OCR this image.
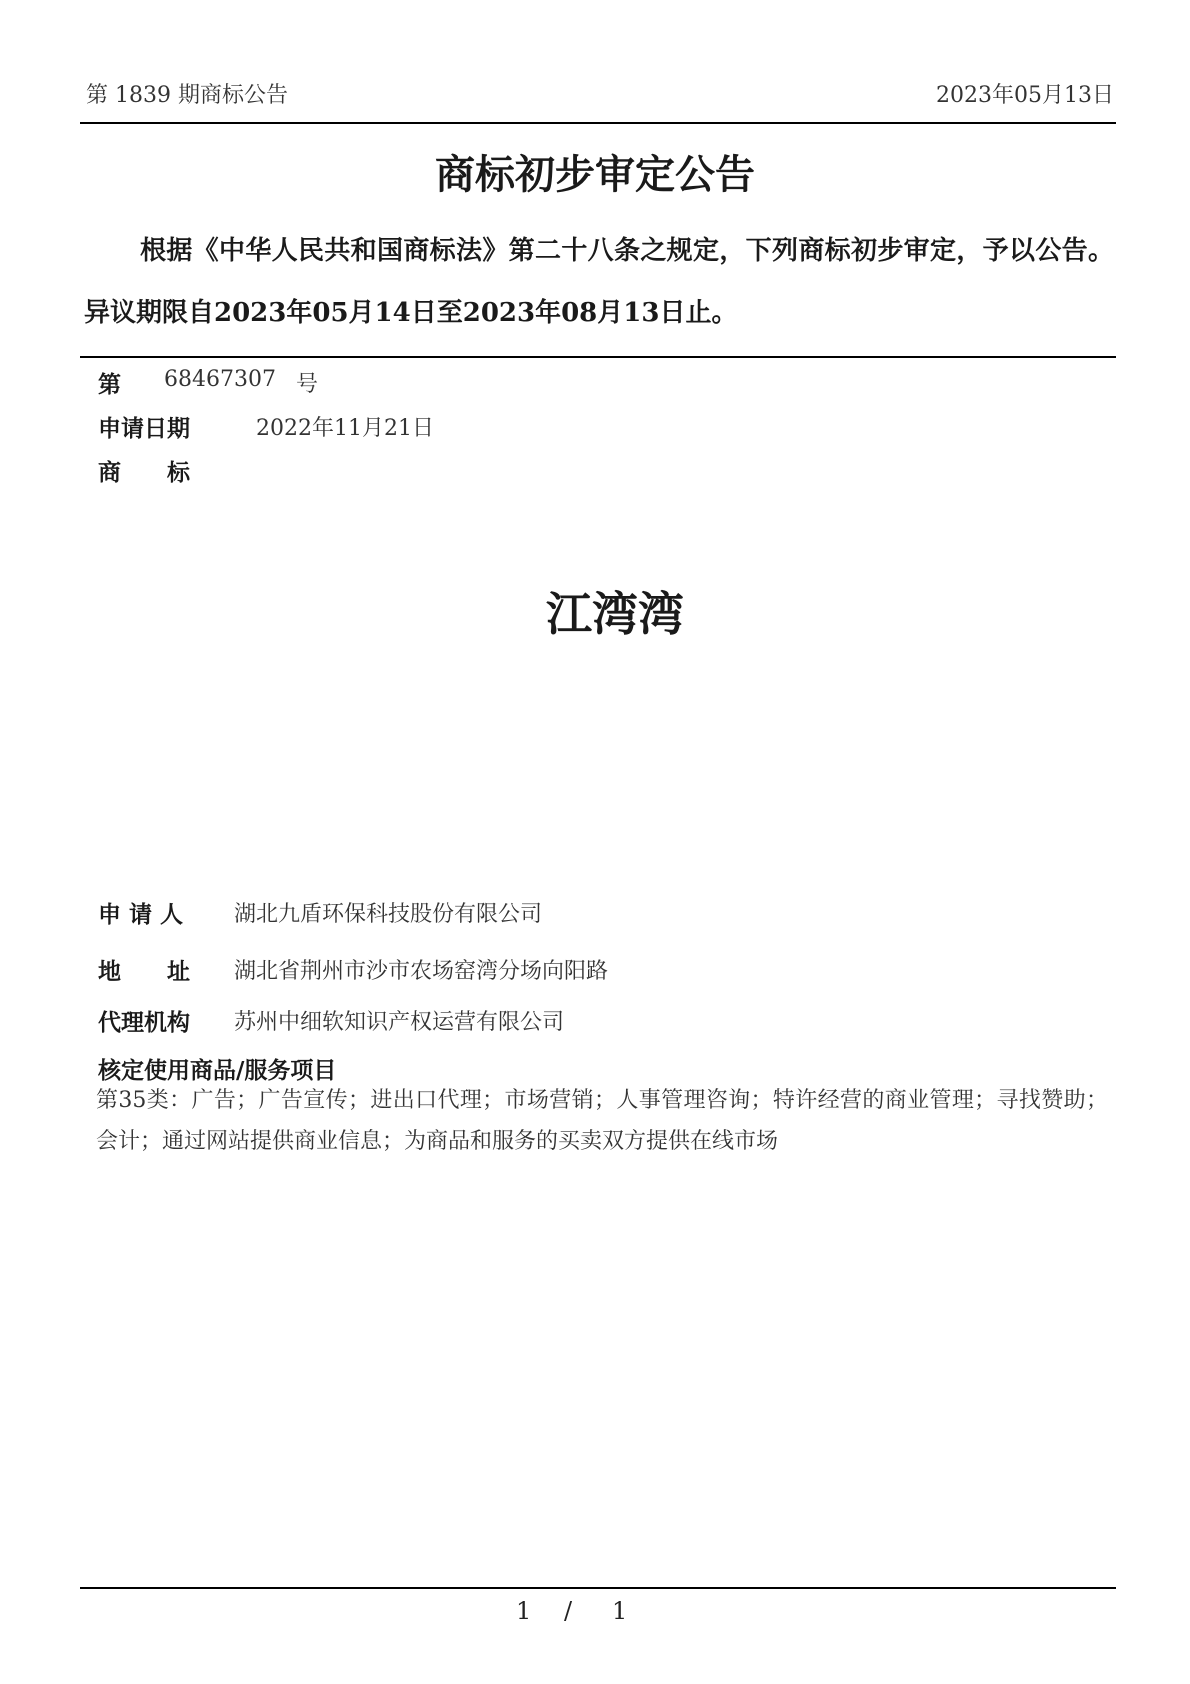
第 1839 期商标公告	2023年05月13日
商标初步审定公告
根据《中华人民共和国商标法》第二十八条之规定，下列商标初步审定，予以公告。异议期限自2023年05月14日至2023年08月13日止。
第 68467307 号
申请日期	2022年11月21日
商　　标
江湾湾
申 请 人 湖北九盾环保科技股份有限公司
地　　址 湖北省荆州市沙市农场窑湾分场向阳路
代理机构 苏州中细软知识产权运营有限公司
核定使用商品/服务项目
第35类：广告；广告宣传；进出口代理；市场营销；人事管理咨询；特许经营的商业管理；寻找赞助；会计；通过网站提供商业信息；为商品和服务的买卖双方提供在线市场
1 / 1
